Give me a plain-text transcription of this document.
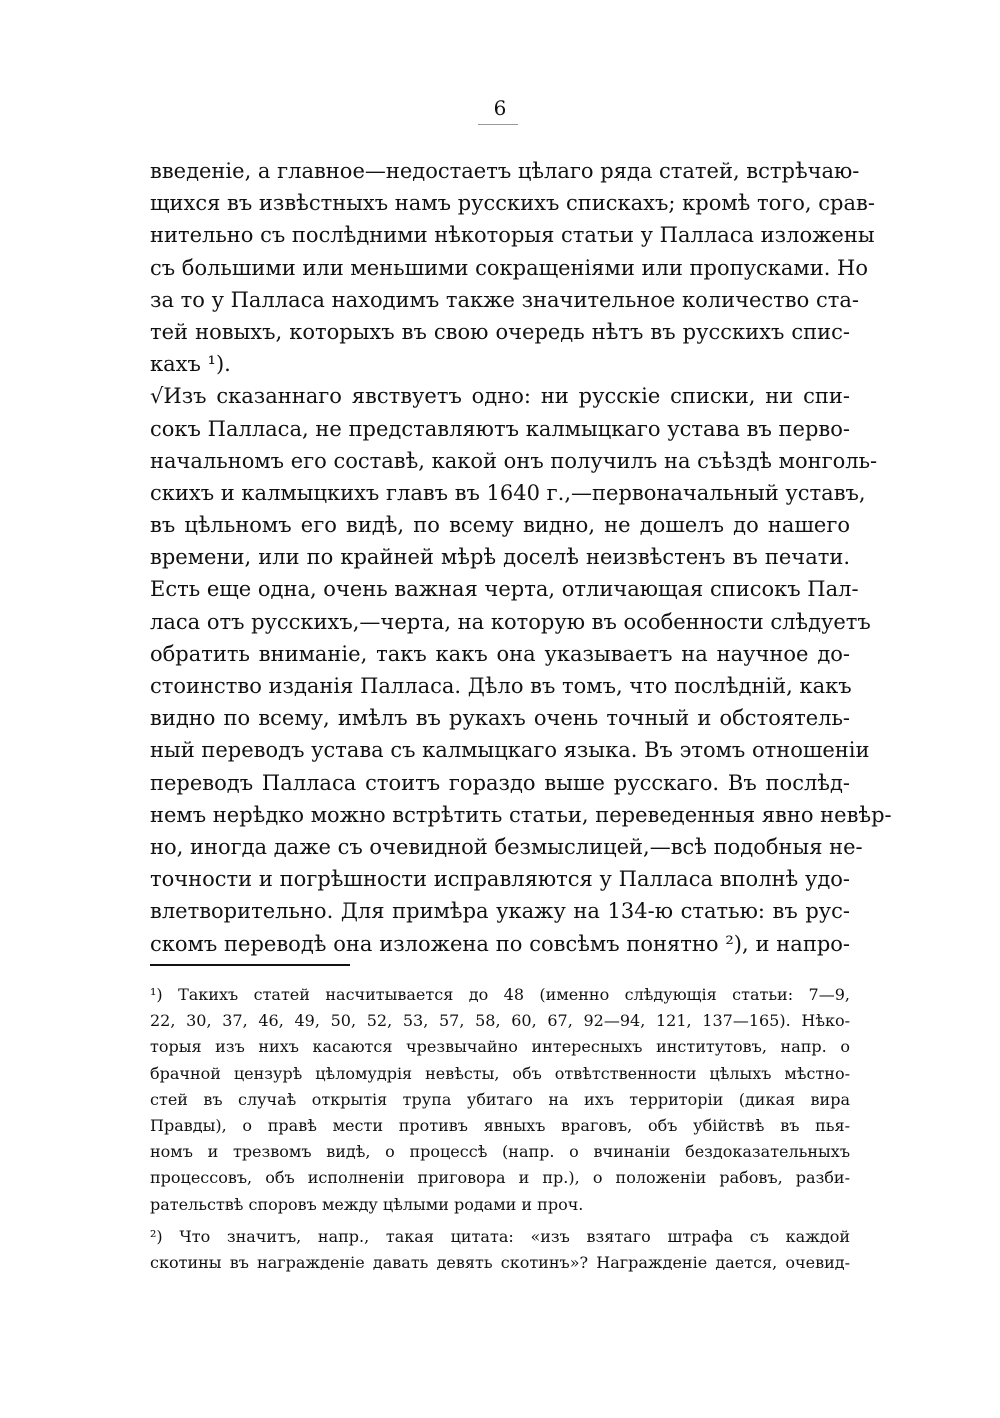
6
введеніе, а главное—недостаетъ цѣлаго ряда статей, встрѣчаю-
щихся въ извѣстныхъ намъ русскихъ спискахъ; кромѣ того, срав-
нительно съ послѣдними нѣкоторыя статьи у Палласа изложены
съ большими или меньшими сокращеніями или пропусками. Но
за то у Палласа находимъ также значительное количество ста-
тей новыхъ, которыхъ въ свою очередь нѣтъ въ русскихъ спис-
кахъ ¹).
√Изъ сказаннаго явствуетъ одно: ни русскіе списки, ни спи-
сокъ Палласа, не представляютъ калмыцкаго устава въ перво-
начальномъ его составѣ, какой онъ получилъ на съѣздѣ монголь-
скихъ и калмыцкихъ главъ въ 1640 г.,—первоначальный уставъ,
въ цѣльномъ его видѣ, по всему видно, не дошелъ до нашего
времени, или по крайней мѣрѣ доселѣ неизвѣстенъ въ печати.
Есть еще одна, очень важная черта, отличающая списокъ Пал-
ласа отъ русскихъ,—черта, на которую въ особенности слѣдуетъ
обратить вниманіе, такъ какъ она указываетъ на научное до-
стоинство изданія Палласа. Дѣло въ томъ, что послѣдній, какъ
видно по всему, имѣлъ въ рукахъ очень точный и обстоятель-
ный переводъ устава съ калмыцкаго языка. Въ этомъ отношеніи
переводъ Палласа стоитъ гораздо выше русскаго. Въ послѣд-
немъ нерѣдко можно встрѣтить статьи, переведенныя явно невѣр-
но, иногда даже съ очевидной безмыслицей,—всѣ подобныя не-
точности и погрѣшности исправляются у Палласа вполнѣ удо-
влетворительно. Для примѣра укажу на 134-ю статью: въ рус-
скомъ переводѣ она изложена по совсѣмъ понятно ²), и напро-
¹) Такихъ статей насчитывается до 48 (именно слѣдующія статьи: 7—9,
22, 30, 37, 46, 49, 50, 52, 53, 57, 58, 60, 67, 92—94, 121, 137—165). Нѣко-
торыя изъ нихъ касаются чрезвычайно интересныхъ институтовъ, напр. о
брачной цензурѣ цѣломудрія невѣсты, объ отвѣтственности цѣлыхъ мѣстно-
стей въ случаѣ открытія трупа убитаго на ихъ территоріи (дикая вира
Правды), о правѣ мести противъ явныхъ враговъ, объ убійствѣ въ пья-
номъ и трезвомъ видѣ, о процессѣ (напр. о вчинаніи бездоказательныхъ
процессовъ, объ исполненіи приговора и пр.), о положеніи рабовъ, разби-
рательствѣ споровъ между цѣлыми родами и проч.
²) Что значитъ, напр., такая цитата: «изъ взятаго штрафа съ каждой
скотины въ награжденіе давать девять скотинъ»? Награжденіе дается, очевид-
